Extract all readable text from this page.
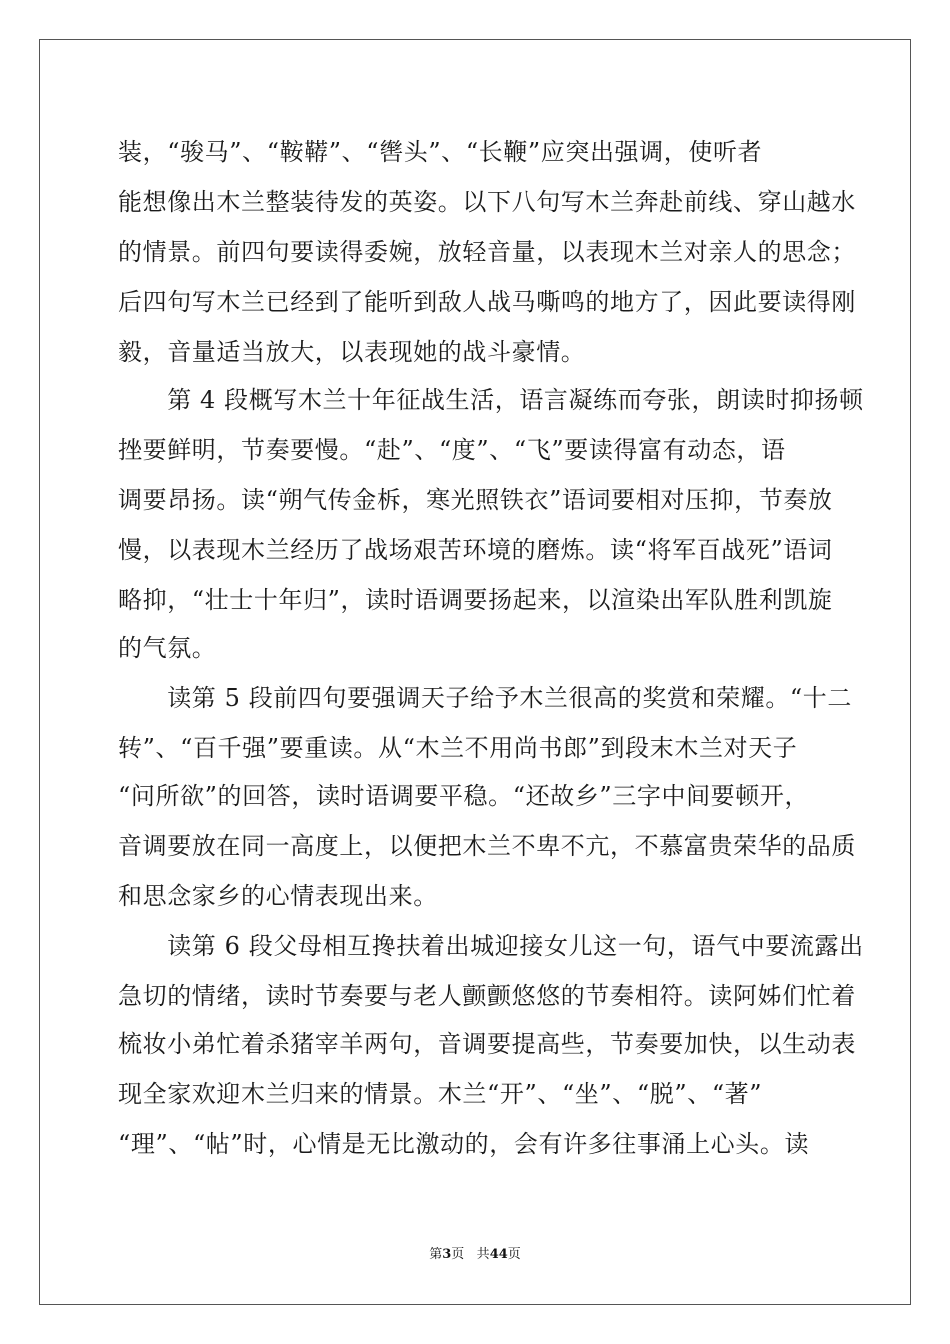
装，“骏马”、“鞍鞯”、“辔头”、“长鞭”应突出强调，使听者
能想像出木兰整装待发的英姿。以下八句写木兰奔赴前线、穿山越水
的情景。前四句要读得委婉，放轻音量，以表现木兰对亲人的思念；
后四句写木兰已经到了能听到敌人战马嘶鸣的地方了，因此要读得刚
毅，音量适当放大，以表现她的战斗豪情。
　　第 4 段概写木兰十年征战生活，语言凝练而夸张，朗读时抑扬顿
挫要鲜明，节奏要慢。“赴”、“度”、“飞”要读得富有动态，语
调要昂扬。读“朔气传金柝，寒光照铁衣”语词要相对压抑，节奏放
慢，以表现木兰经历了战场艰苦环境的磨炼。读“将军百战死”语词
略抑，“壮士十年归”，读时语调要扬起来，以渲染出军队胜利凯旋
的气氛。
　　读第 5 段前四句要强调天子给予木兰很高的奖赏和荣耀。“十二
转”、“百千强”要重读。从“木兰不用尚书郎”到段末木兰对天子
“问所欲”的回答，读时语调要平稳。“还故乡”三字中间要顿开，
音调要放在同一高度上，以便把木兰不卑不亢，不慕富贵荣华的品质
和思念家乡的心情表现出来。
　　读第 6 段父母相互搀扶着出城迎接女儿这一句，语气中要流露出
急切的情绪，读时节奏要与老人颤颤悠悠的节奏相符。读阿姊们忙着
梳妆小弟忙着杀猪宰羊两句，音调要提高些，节奏要加快，以生动表
现全家欢迎木兰归来的情景。木兰“开”、“坐”、“脱”、“著”
“理”、“帖”时，心情是无比激动的，会有许多往事涌上心头。读
第3页 共44页
